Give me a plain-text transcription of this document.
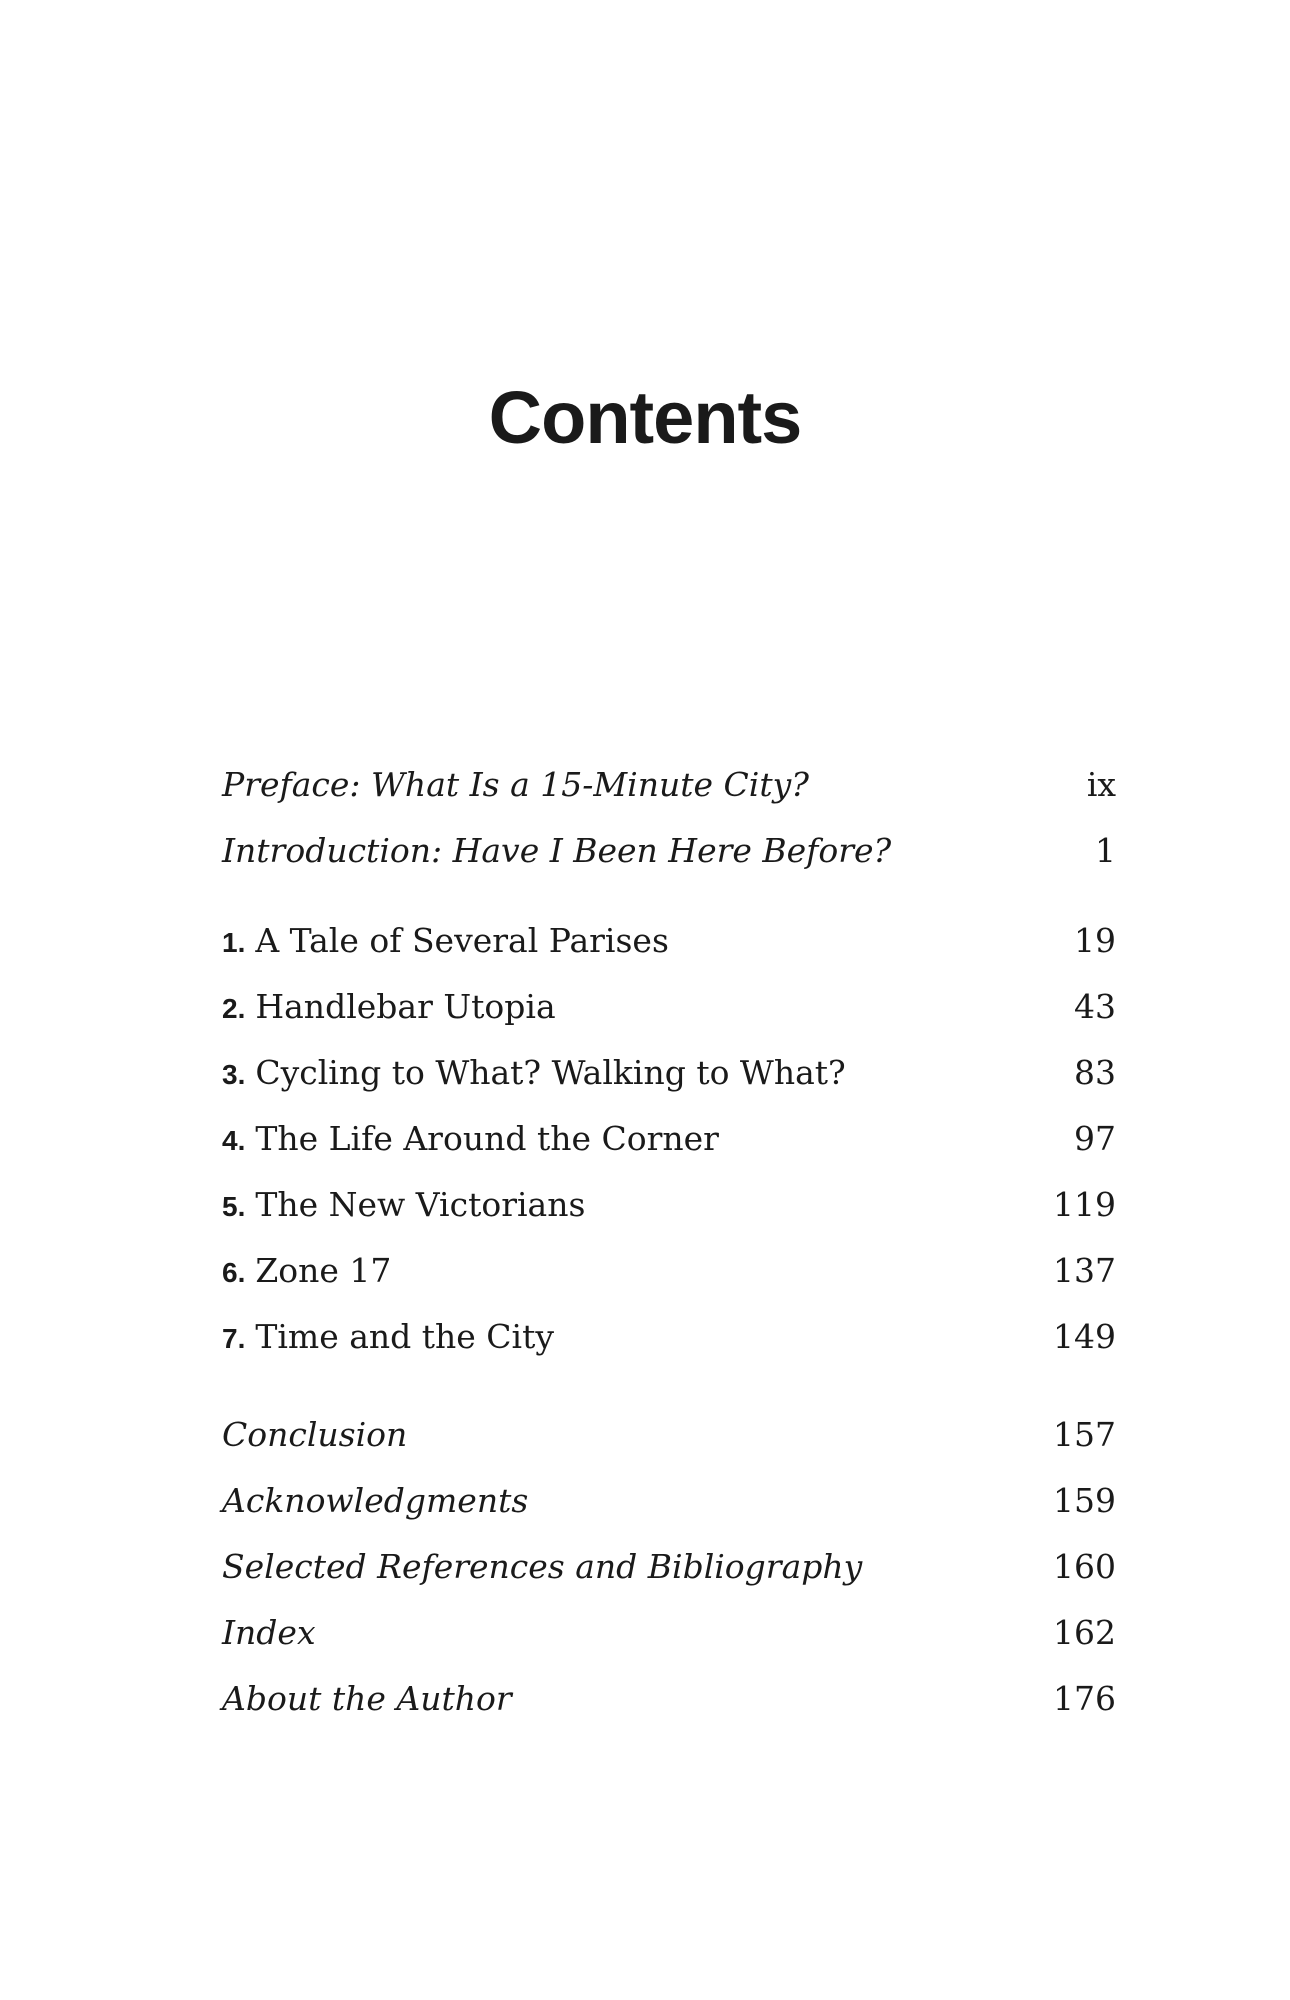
Contents
Preface: What Is a 15-Minute City?	ix
Introduction: Have I Been Here Before?	1
1. A Tale of Several Parises	19
2. Handlebar Utopia	43
3. Cycling to What? Walking to What?	83
4. The Life Around the Corner	97
5. The New Victorians	119
6. Zone 17	137
7. Time and the City	149
Conclusion	157
Acknowledgments	159
Selected References and Bibliography	160
Index	162
About the Author	176
